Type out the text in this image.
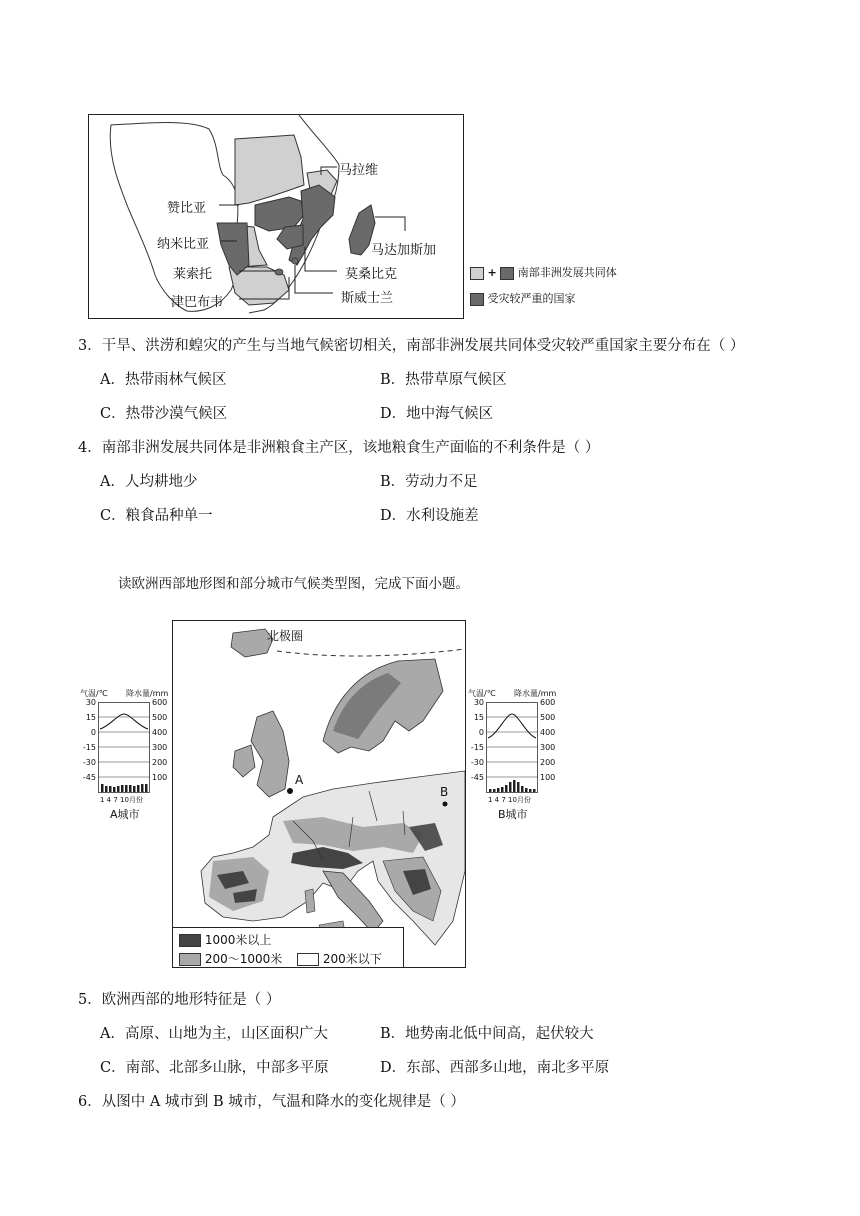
马拉维
赞比亚
纳米比亚	马达加斯加
莱索托	莫桑比克
津巴布韦	斯威士兰
+ 南部非洲发展共同体
受灾较严重的国家
3．干旱、洪涝和蝗灾的产生与当地气候密切相关，南部非洲发展共同体受灾较严重国家主要分布在（ ）
A．热带雨林气候区	B．热带草原气候区
C．热带沙漠气候区	D．地中海气候区
4．南部非洲发展共同体是非洲粮食主产区，该地粮食生产面临的不利条件是（ ）
A．人均耕地少	B．劳动力不足
C．粮食品种单一	D．水利设施差
读欧洲西部地形图和部分城市气候类型图，完成下面小题。
北极圈
A
B
1000米以上
200～1000米	200米以下
气温/℃ 降水量/mm
30
15
0
-15
-30
-45
600
500
400
300
200
100
1 4 7 10月份
A城市
气温/℃ 降水量/mm
30
15
0
-15
-30
-45
600
500
400
300
200
100
1 4 7 10月份
B城市
5．欧洲西部的地形特征是（ ）
A．高原、山地为主，山区面积广大	B．地势南北低中间高，起伏较大
C．南部、北部多山脉，中部多平原	D．东部、西部多山地，南北多平原
6．从图中 A 城市到 B 城市，气温和降水的变化规律是（ ）
